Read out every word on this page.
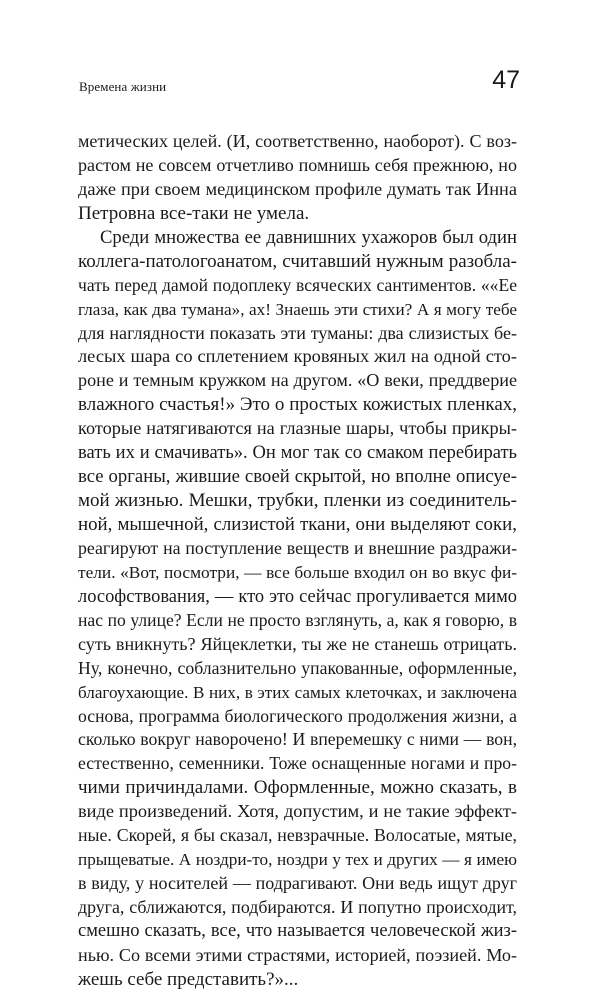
Времена жизни	47
метических целей. (И, соответственно, наоборот). С воз-
растом не совсем отчетливо помнишь себя прежнюю, но
даже при своем медицинском профиле думать так Инна
Петровна все-таки не умела.
Среди множества ее давнишних ухажоров был один
коллега-патологоанатом, считавший нужным разобла-
чать перед дамой подоплеку всяческих сантиментов. ««Ее
глаза, как два тумана», ах! Знаешь эти стихи? А я могу тебе
для наглядности показать эти туманы: два слизистых бе-
лесых шара со сплетением кровяных жил на одной сто-
роне и темным кружком на другом. «О веки, преддверие
влажного счастья!» Это о простых кожистых пленках,
которые натягиваются на глазные шары, чтобы прикры-
вать их и смачивать». Он мог так со смаком перебирать
все органы, жившие своей скрытой, но вполне описуе-
мой жизнью. Мешки, трубки, пленки из соединитель-
ной, мышечной, слизистой ткани, они выделяют соки,
реагируют на поступление веществ и внешние раздражи-
тели. «Вот, посмотри, — все больше входил он во вкус фи-
лософствования, — кто это сейчас прогуливается мимо
нас по улице? Если не просто взглянуть, а, как я говорю, в
суть вникнуть? Яйцеклетки, ты же не станешь отрицать.
Ну, конечно, соблазнительно упакованные, оформленные,
благоухающие. В них, в этих самых клеточках, и заключена
основа, программа биологического продолжения жизни, а
сколько вокруг наворочено! И вперемешку с ними — вон,
естественно, семенники. Тоже оснащенные ногами и про-
чими причиндалами. Оформленные, можно сказать, в
виде произведений. Хотя, допустим, и не такие эффект-
ные. Скорей, я бы сказал, невзрачные. Волосатые, мятые,
прыщеватые. А ноздри-то, ноздри у тех и других — я имею
в виду, у носителей — подрагивают. Они ведь ищут друг
друга, сближаются, подбираются. И попутно происходит,
смешно сказать, все, что называется человеческой жиз-
нью. Со всеми этими страстями, историей, поэзией. Мо-
жешь себе представить?»...
